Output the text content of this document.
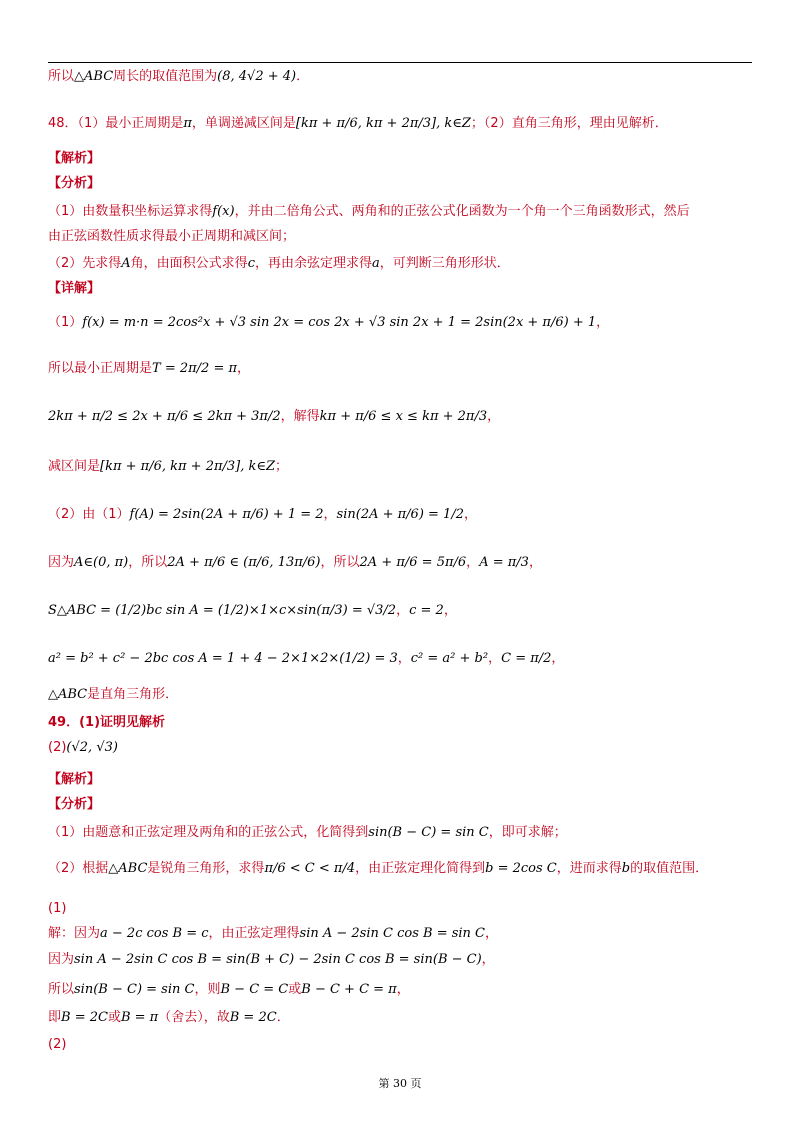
所以△ABC周长的取值范围为(8, 4√2 + 4)．
48．（1）最小正周期是π，单调递减区间是[kπ + π/6, kπ + 2π/3], k∈Z；（2）直角三角形，理由见解析．
【解析】
【分析】
（1）由数量积坐标运算求得f(x)，并由二倍角公式、两角和的正弦公式化函数为一个角一个三角函数形式，然后
由正弦函数性质求得最小正周期和减区间；
（2）先求得A角，由面积公式求得c，再由余弦定理求得a，可判断三角形形状．
【详解】
（1）f(x) = m·n = 2cos²x + √3 sin 2x = cos 2x + √3 sin 2x + 1 = 2sin(2x + π/6) + 1，
所以最小正周期是T = 2π/2 = π，
2kπ + π/2 ≤ 2x + π/6 ≤ 2kπ + 3π/2，解得kπ + π/6 ≤ x ≤ kπ + 2π/3，
减区间是[kπ + π/6, kπ + 2π/3], k∈Z；
（2）由（1）f(A) = 2sin(2A + π/6) + 1 = 2，sin(2A + π/6) = 1/2，
因为A∈(0, π)，所以2A + π/6 ∈ (π/6, 13π/6)，所以2A + π/6 = 5π/6，A = π/3，
S△ABC = (1/2)bc sin A = (1/2)×1×c×sin(π/3) = √3/2，c = 2，
a² = b² + c² − 2bc cos A = 1 + 4 − 2×1×2×(1/2) = 3，c² = a² + b²，C = π/2，
△ABC是直角三角形．
49．(1)证明见解析
(2)(√2, √3)
【解析】
【分析】
（1）由题意和正弦定理及两角和的正弦公式，化简得到sin(B − C) = sin C，即可求解；
（2）根据△ABC是锐角三角形，求得π/6 < C < π/4，由正弦定理化简得到b = 2cos C，进而求得b的取值范围．
(1)
解：因为a − 2c cos B = c，由正弦定理得sin A − 2sin C cos B = sin C，
因为sin A − 2sin C cos B = sin(B + C) − 2sin C cos B = sin(B − C)，
所以sin(B − C) = sin C，则B − C = C或B − C + C = π，
即B = 2C或B = π（舍去），故B = 2C．
(2)
第 30 页
